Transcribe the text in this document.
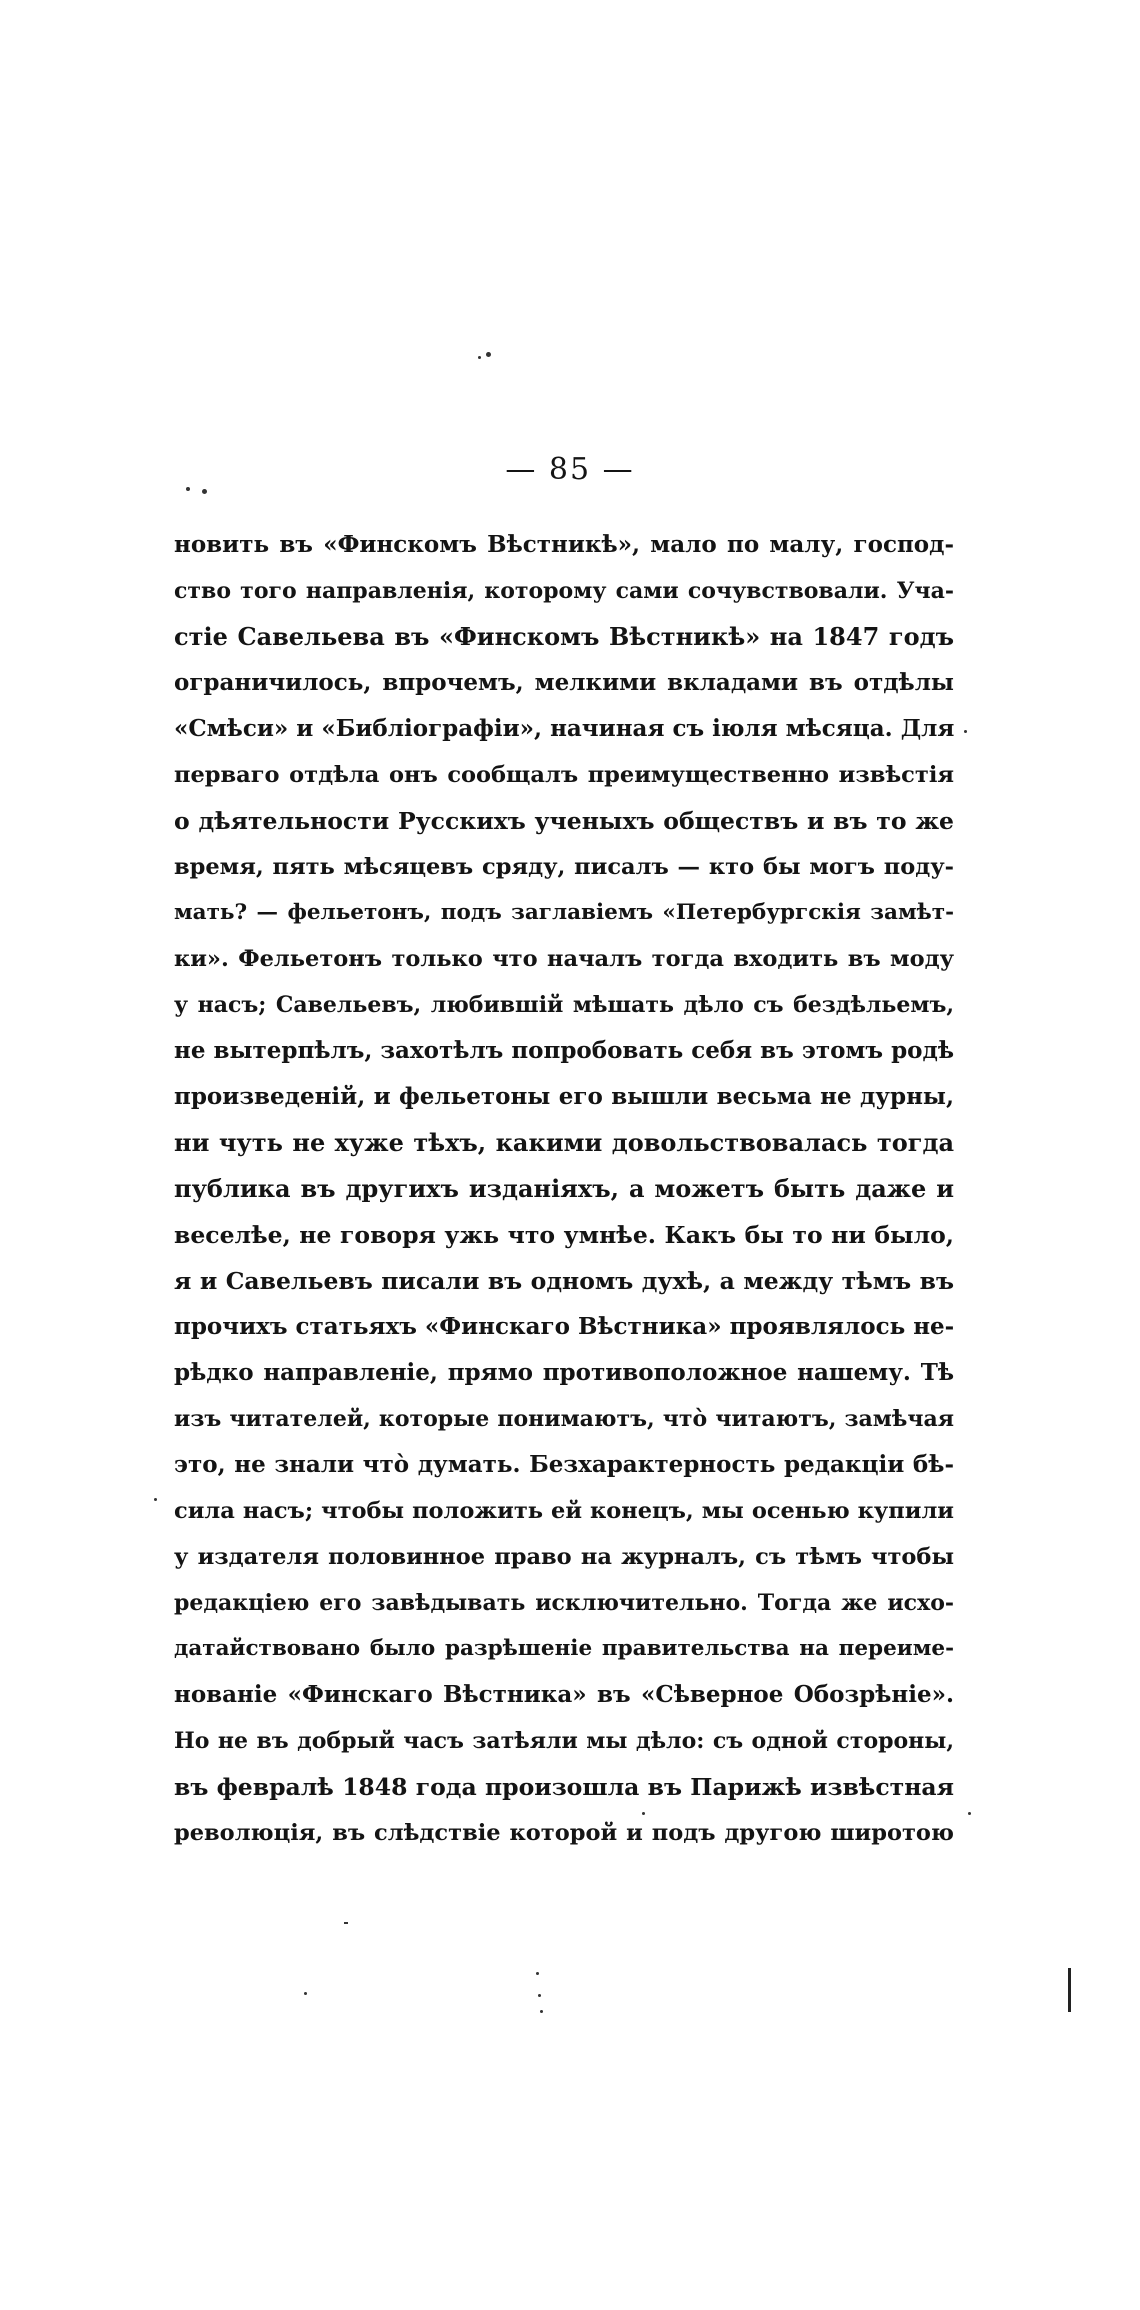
— 85 —
новить въ «Финскомъ Вѣстникѣ», мало по малу, господ-
ство того направленія, которому сами сочувствовали. Уча-
стіе Савельева въ «Финскомъ Вѣстникѣ» на 1847 годъ
ограничилось, впрочемъ, мелкими вкладами въ отдѣлы
«Смѣси» и «Библіографіи», начиная съ іюля мѣсяца. Для
перваго отдѣла онъ сообщалъ преимущественно извѣстія
о дѣятельности Русскихъ ученыхъ обществъ и въ то же
время, пять мѣсяцевъ сряду, писалъ — кто бы могъ поду-
мать? — фельетонъ, подъ заглавіемъ «Петербургскія замѣт-
ки». Фельетонъ только что началъ тогда входить въ моду
у насъ; Савельевъ, любившій мѣшать дѣло съ бездѣльемъ,
не вытерпѣлъ, захотѣлъ попробовать себя въ этомъ родѣ
произведеній, и фельетоны его вышли весьма не дурны,
ни чуть не хуже тѣхъ, какими довольствовалась тогда
публика въ другихъ изданіяхъ, а можетъ быть даже и
веселѣе, не говоря ужь что умнѣе. Какъ бы то ни было,
я и Савельевъ писали въ одномъ духѣ, а между тѣмъ въ
прочихъ статьяхъ «Финскаго Вѣстника» проявлялось не-
рѣдко направленіе, прямо противоположное нашему. Тѣ
изъ читателей, которые понимаютъ, что̀ читаютъ, замѣчая
это, не знали что̀ думать. Безхарактерность редакціи бѣ-
сила насъ; чтобы положить ей конецъ, мы осенью купили
у издателя половинное право на журналъ, съ тѣмъ чтобы
редакціею его завѣдывать исключительно. Тогда же исхо-
датайствовано было разрѣшеніе правительства на переиме-
нованіе «Финскаго Вѣстника» въ «Сѣверное Обозрѣніе».
Но не въ добрый часъ затѣяли мы дѣло: съ одной стороны,
въ февралѣ 1848 года произошла въ Парижѣ извѣстная
революція, въ слѣдствіе которой и подъ другою широтою
